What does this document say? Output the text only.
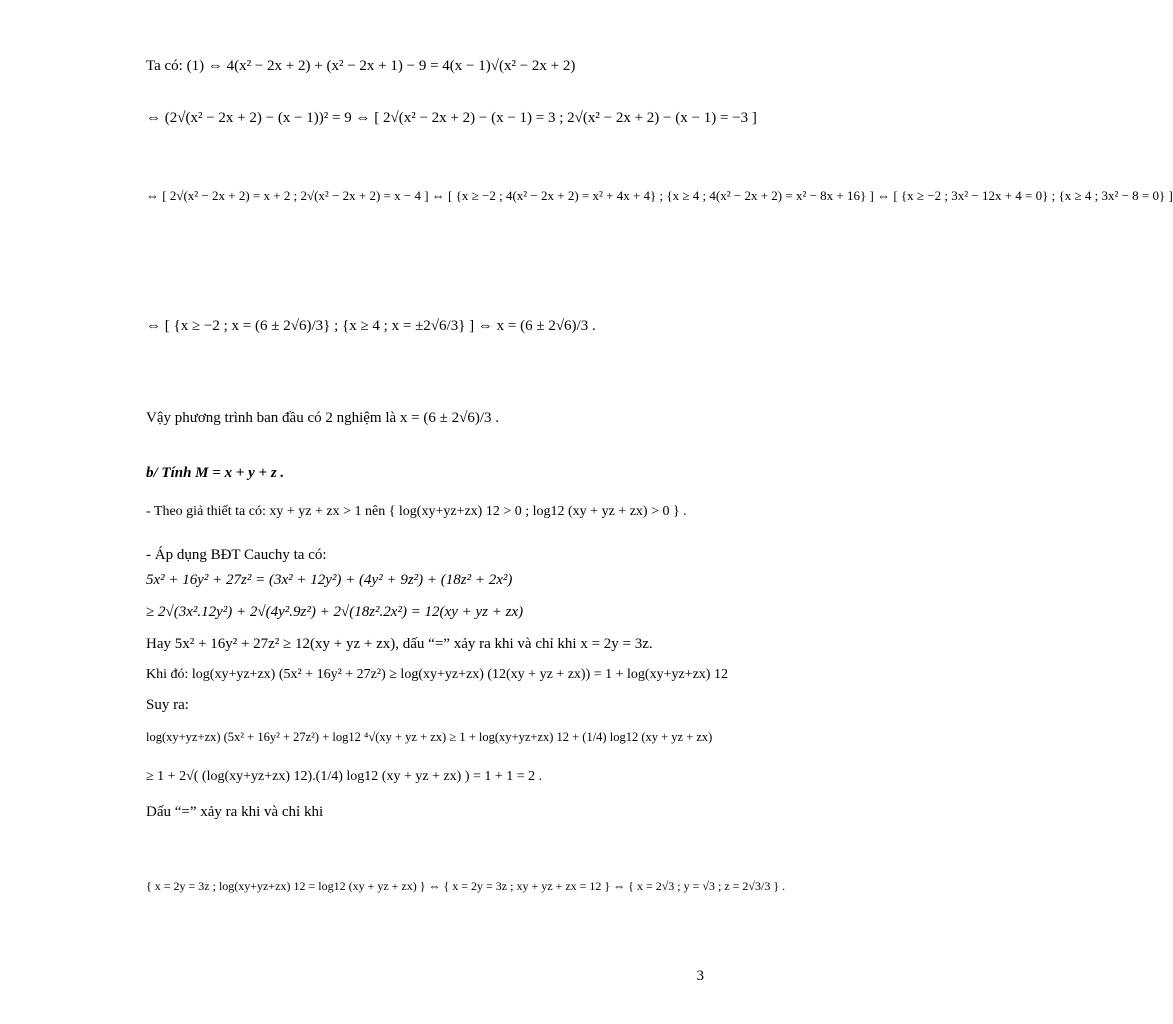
Ta có: (1) ⇔ 4(x² − 2x + 2) + (x² − 2x + 1) − 9 = 4(x − 1)√(x² − 2x + 2)
⇔ (2√(x² − 2x + 2) − (x − 1))² = 9 ⇔ [ 2√(x² − 2x + 2) − (x − 1) = 3 ; 2√(x² − 2x + 2) − (x − 1) = −3 ]
⇔ [ 2√(x² − 2x + 2) = x + 2 ; 2√(x² − 2x + 2) = x − 4 ] ⇔ [ {x ≥ −2 ; 4(x² − 2x + 2) = x² + 4x + 4} ; {x ≥ 4 ; 4(x² − 2x + 2) = x² − 8x + 16} ] ⇔ [ {x ≥ −2 ; 3x² − 12x + 4 = 0} ; {x ≥ 4 ; 3x² − 8 = 0} ]
⇔ [ {x ≥ −2 ; x = (6 ± 2√6)/3} ; {x ≥ 4 ; x = ±2√6/3} ] ⇔ x = (6 ± 2√6)/3 .
Vậy phương trình ban đầu có 2 nghiệm là x = (6 ± 2√6)/3 .
b/ Tính M = x + y + z .
- Theo giả thiết ta có: xy + yz + zx > 1 nên { log(xy+yz+zx) 12 > 0 ; log12 (xy + yz + zx) > 0 } .
- Áp dụng BĐT Cauchy ta có:
5x² + 16y² + 27z² = (3x² + 12y²) + (4y² + 9z²) + (18z² + 2x²)
≥ 2√(3x².12y²) + 2√(4y².9z²) + 2√(18z².2x²) = 12(xy + yz + zx)
Hay 5x² + 16y² + 27z² ≥ 12(xy + yz + zx), dấu “=” xảy ra khi và chỉ khi x = 2y = 3z.
Khi đó: log(xy+yz+zx) (5x² + 16y² + 27z²) ≥ log(xy+yz+zx) (12(xy + yz + zx)) = 1 + log(xy+yz+zx) 12
Suy ra:
log(xy+yz+zx) (5x² + 16y² + 27z²) + log12 ⁴√(xy + yz + zx) ≥ 1 + log(xy+yz+zx) 12 + (1/4) log12 (xy + yz + zx)
≥ 1 + 2√( (log(xy+yz+zx) 12).(1/4) log12 (xy + yz + zx) ) = 1 + 1 = 2 .
Dấu “=” xảy ra khi và chỉ khi
{ x = 2y = 3z ; log(xy+yz+zx) 12 = log12 (xy + yz + zx) } ⇔ { x = 2y = 3z ; xy + yz + zx = 12 } ⇔ { x = 2√3 ; y = √3 ; z = 2√3/3 } .
3
